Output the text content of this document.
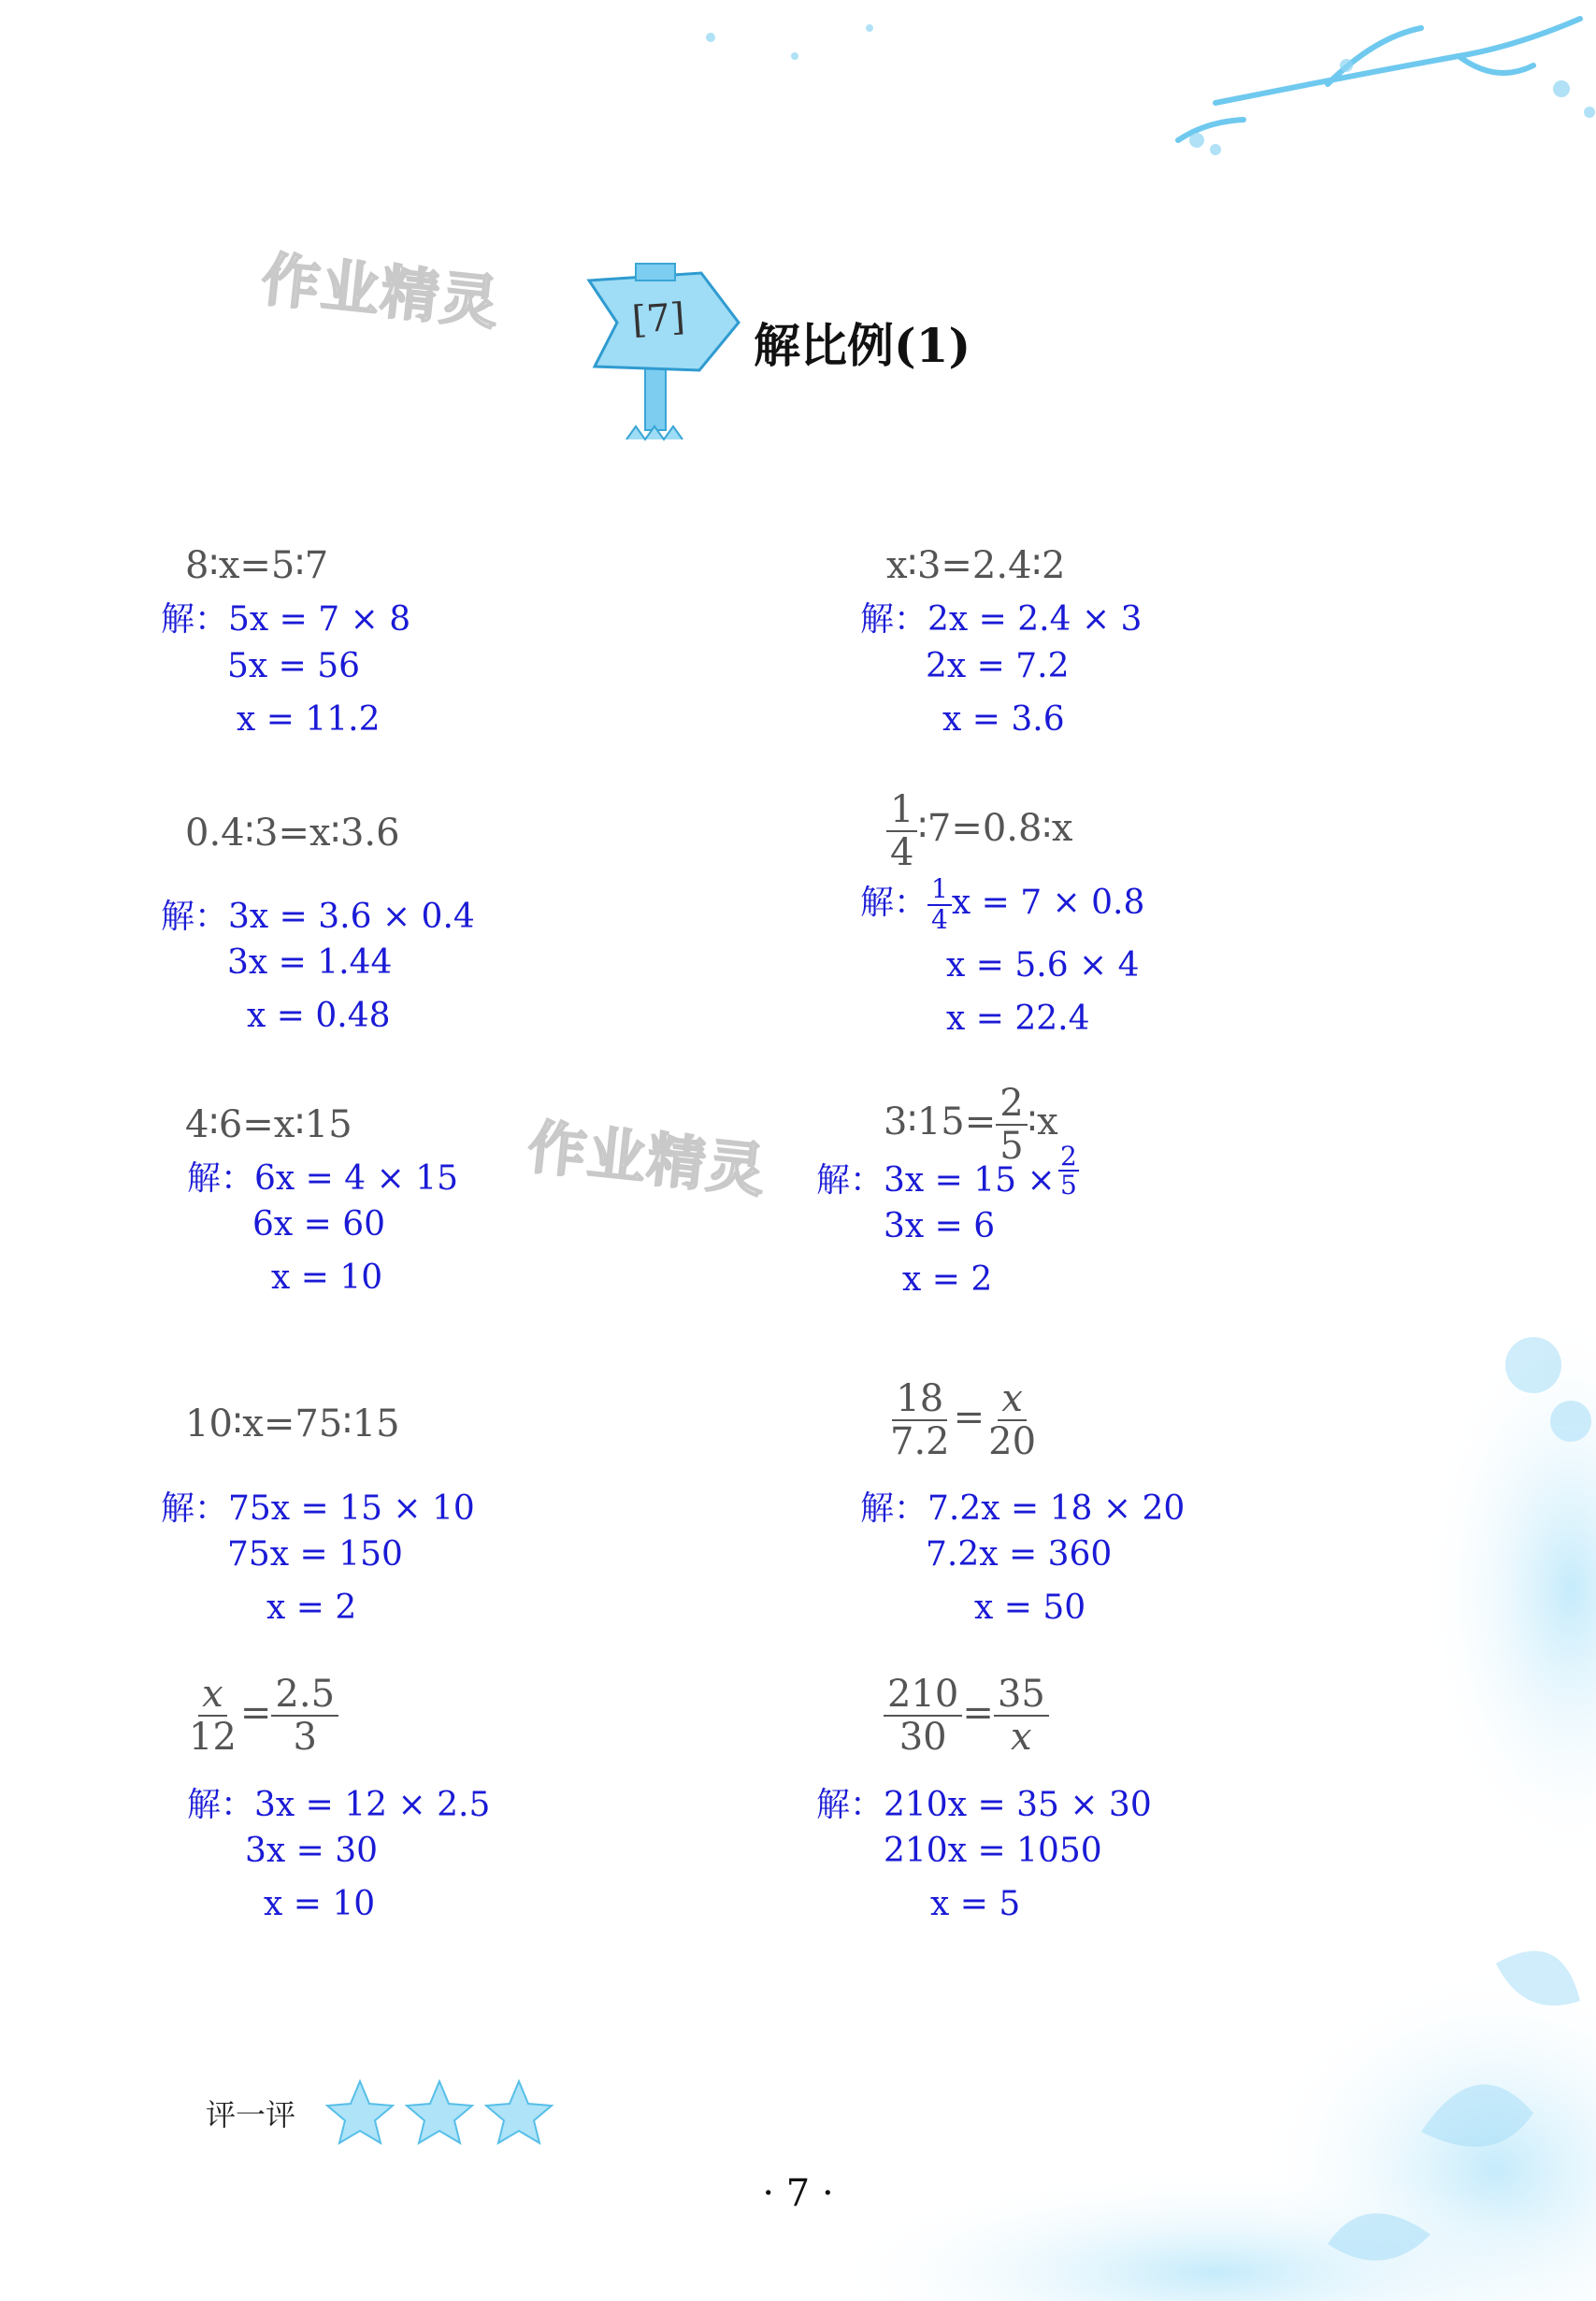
作业精灵
作业精灵
[7] 解比例(1)
8∶x=5∶7
解：5x = 7 × 8
5x = 56
x = 11.2
x∶3=2.4∶2
解：2x = 2.4 × 3
2x = 7.2
x = 3.6
0.4∶3=x∶3.6
解：3x = 3.6 × 0.4
3x = 1.44
x = 0.48
$\frac{1}{4}$ ∶7=0.8∶x
解： $\frac{1}{4}$ x = 7 × 0.8
x = 5.6 × 4
x = 22.4
4∶6=x∶15
解：6x = 4 × 15
6x = 60
x = 10
3∶15= $\frac{2}{5}$ ∶x
解：$3x = 15 \times \frac{2}{5}$
3x = 6
x = 2
10∶x=75∶15
解：75x = 15 × 10
75x = 150
x = 2
$\frac{18}{7.2} = \frac{x}{20}$
解：7.2x = 18 × 20
7.2x = 360
x = 50
$\frac{x}{12} = \frac{2.5}{3}$
解：3x = 12 × 2.5
3x = 30
x = 10
$\frac{210}{30} = \frac{35}{x}$
解：210x = 35 × 30
210x = 1050
x = 5
评一评
· 7 ·
